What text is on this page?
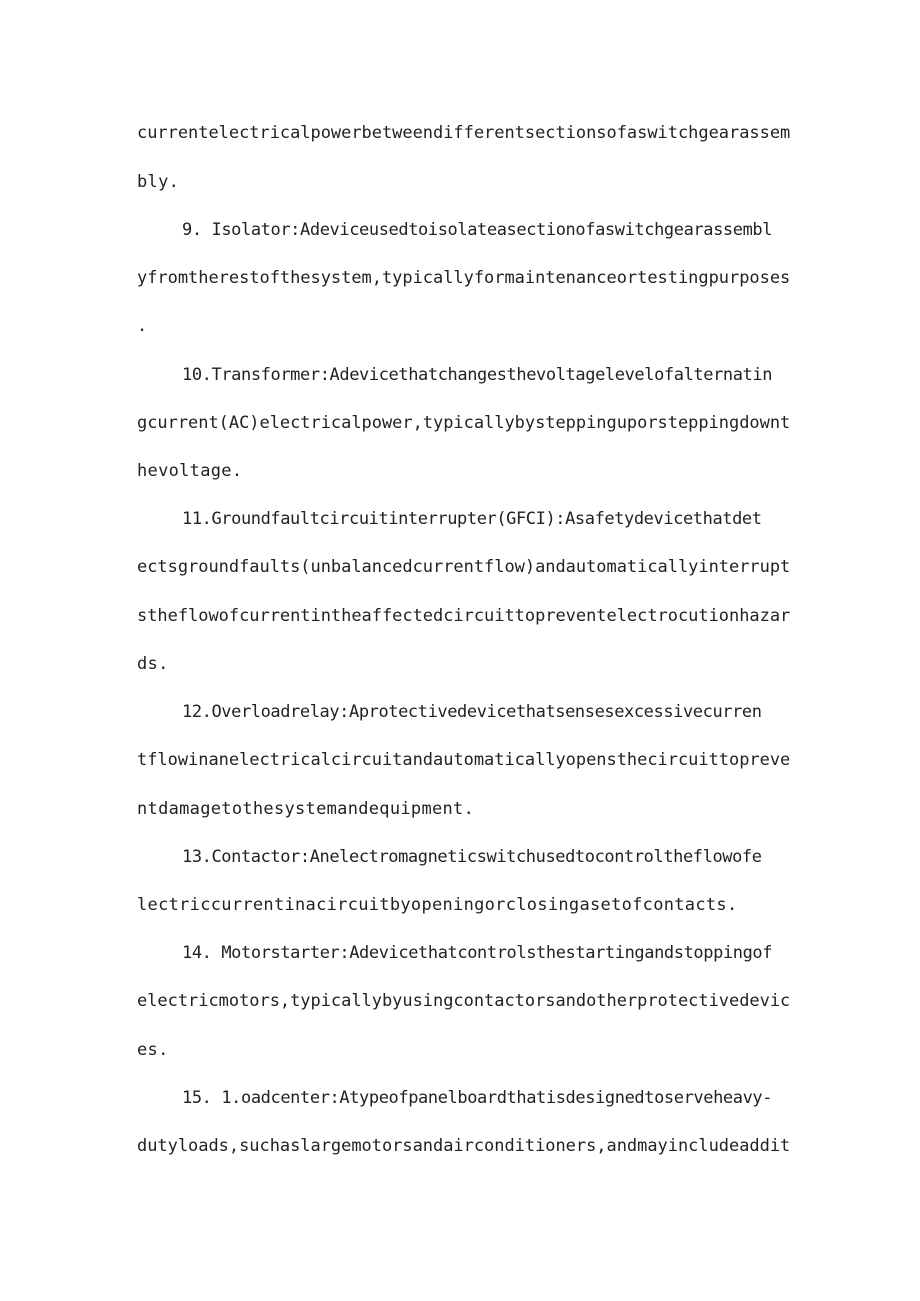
currentelectricalpowerbetweendifferentsectionsofaswitchgearassem
bly.
9. Isolator:Adeviceusedtoisolateasectionofaswitchgearassembl
yfromtherestofthesystem,typicallyformaintenanceortestingpurposes
.
10.Transformer:Adevicethatchangesthevoltagelevelofalternatin
gcurrent(AC)electricalpower,typicallybysteppinguporsteppingdownt
hevoltage.
11.Groundfaultcircuitinterrupter(GFCI):Asafetydevicethatdet
ectsgroundfaults(unbalancedcurrentflow)andautomaticallyinterrupt
stheflowofcurrentintheaffectedcircuittopreventelectrocutionhazar
ds.
12.Overloadrelay:Aprotectivedevicethatsensesexcessivecurren
tflowinanelectricalcircuitandautomaticallyopensthecircuittopreve
ntdamagetothesystemandequipment.
13.Contactor:Anelectromagneticswitchusedtocontroltheflowofe
lectriccurrentinacircuitbyopeningorclosingasetofcontacts.
14. Motorstarter:Adevicethatcontrolsthestartingandstoppingof
electricmotors,typicallybyusingcontactorsandotherprotectivedevic
es.
15. 1.oadcenter:Atypeofpanelboardthatisdesignedtoserveheavy-
dutyloads,suchaslargemotorsandairconditioners,andmayincludeaddit
